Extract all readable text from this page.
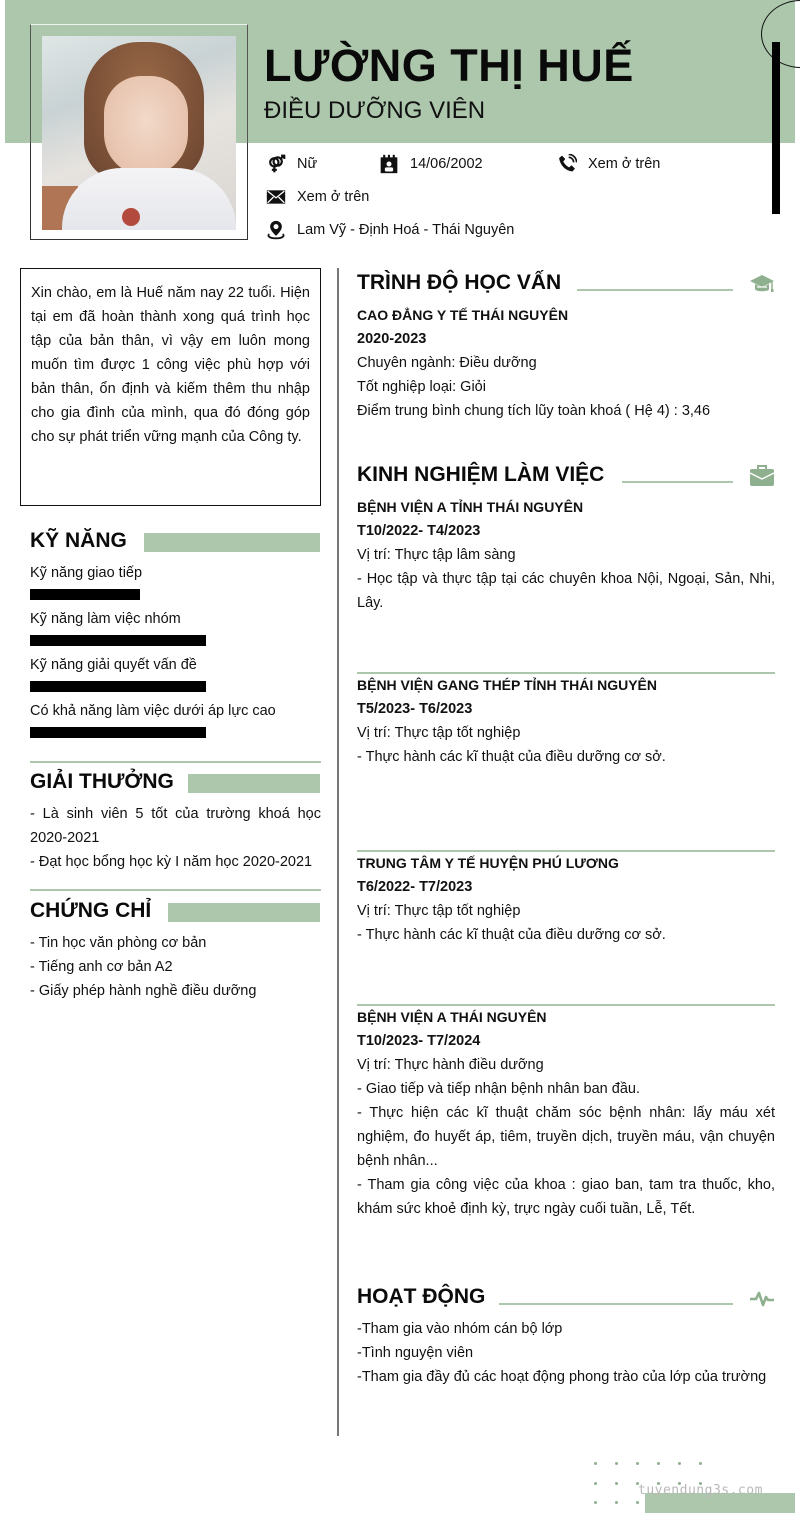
LƯỜNG THỊ HUẾ
ĐIỀU DƯỠNG VIÊN
Nữ	14/06/2002	Xem ở trên
Xem ở trên
Lam Vỹ - Định Hoá - Thái Nguyên

Xin chào, em là Huế năm nay 22 tuổi. Hiện tại em đã hoàn thành xong quá trình học tập của bản thân, vì vậy em luôn mong muốn tìm được 1 công việc phù hợp với bản thân, ổn định và kiếm thêm thu nhập cho gia đình của mình, qua đó đóng góp cho sự phát triển vững mạnh của Công ty.

KỸ NĂNG
Kỹ năng giao tiếp
Kỹ năng làm việc nhóm
Kỹ năng giải quyết vấn đề
Có khả năng làm việc dưới áp lực cao
GIẢI THƯỞNG
- Là sinh viên 5 tốt của trường khoá học 2020-2021
- Đạt học bổng học kỳ I năm học 2020-2021
CHỨNG CHỈ
- Tin học văn phòng cơ bản
- Tiếng anh cơ bản A2
- Giấy phép hành nghề điều dưỡng
TRÌNH ĐỘ HỌC VẤN
CAO ĐẲNG Y TẾ THÁI NGUYÊN
2020-2023
Chuyên ngành: Điều dưỡng
Tốt nghiệp loại: Giỏi
Điểm trung bình chung tích lũy toàn khoá ( Hệ 4) : 3,46
KINH NGHIỆM LÀM VIỆC
BỆNH VIỆN A TỈNH THÁI NGUYÊN
T10/2022- T4/2023
Vị trí: Thực tập lâm sàng
- Học tập và thực tập tại các chuyên khoa Nội, Ngoại, Sản, Nhi, Lây.
BỆNH VIỆN GANG THÉP TỈNH THÁI NGUYÊN
T5/2023- T6/2023
Vị trí: Thực tập tốt nghiệp
- Thực hành các kĩ thuật của điều dưỡng cơ sở.
TRUNG TÂM Y TẾ HUYỆN PHÚ LƯƠNG
T6/2022- T7/2023
Vị trí: Thực tập tốt nghiệp
- Thực hành các kĩ thuật của điều dưỡng cơ sở.
BỆNH VIỆN A THÁI NGUYÊN
T10/2023- T7/2024
Vị trí: Thực hành điều dưỡng
- Giao tiếp và tiếp nhận bệnh nhân ban đầu.
- Thực hiện các kĩ thuật chăm sóc bệnh nhân: lấy máu xét nghiệm, đo huyết áp, tiêm, truyền dịch, truyền máu, vận chuyện bệnh nhân...
- Tham gia công việc của khoa : giao ban, tam tra thuốc, kho, khám sức khoẻ định kỳ, trực ngày cuối tuần, Lễ, Tết.
HOẠT ĐỘNG
-Tham gia vào nhóm cán bộ lớp
-Tình nguyện viên
-Tham gia đầy đủ các hoạt động phong trào của lớp của trường
tuyendung3s.com
